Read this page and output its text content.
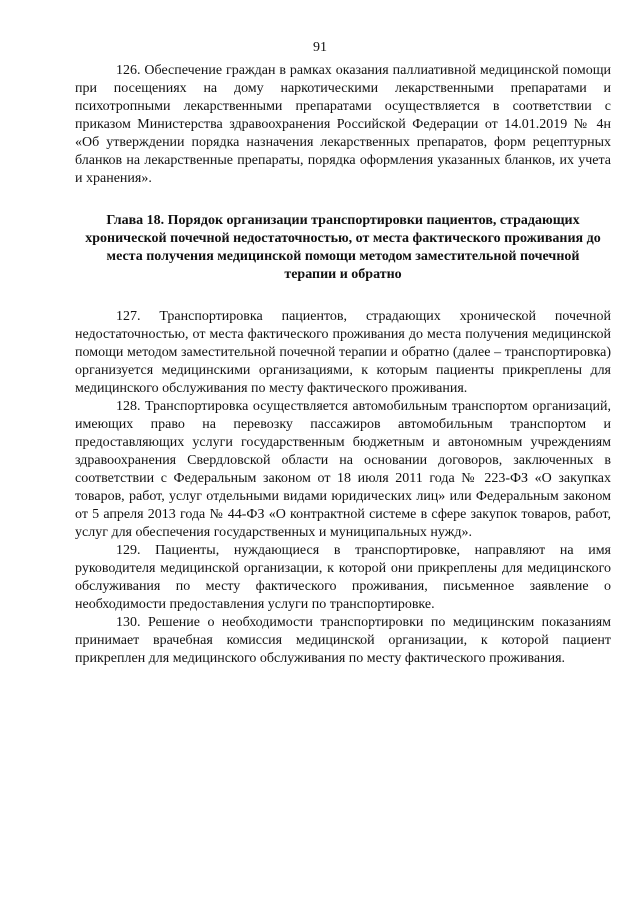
91

126. Обеспечение граждан в рамках оказания паллиативной медицинской помощи при посещениях на дому наркотическими лекарственными препаратами и психотропными лекарственными препаратами осуществляется в соответствии с приказом Министерства здравоохранения Российской Федерации от 14.01.2019 № 4н «Об утверждении порядка назначения лекарственных препаратов, форм рецептурных бланков на лекарственные препараты, порядка оформления указанных бланков, их учета и хранения».

Глава 18. Порядок организации транспортировки пациентов, страдающих хронической почечной недостаточностью, от места фактического проживания до места получения медицинской помощи методом заместительной почечной терапии и обратно

127. Транспортировка пациентов, страдающих хронической почечной недостаточностью, от места фактического проживания до места получения медицинской помощи методом заместительной почечной терапии и обратно (далее – транспортировка) организуется медицинскими организациями, к которым пациенты прикреплены для медицинского обслуживания по месту фактического проживания.

128. Транспортировка осуществляется автомобильным транспортом организаций, имеющих право на перевозку пассажиров автомобильным транспортом и предоставляющих услуги государственным бюджетным и автономным учреждениям здравоохранения Свердловской области на основании договоров, заключенных в соответствии с Федеральным законом от 18 июля 2011 года № 223-ФЗ «О закупках товаров, работ, услуг отдельными видами юридических лиц» или Федеральным законом от 5 апреля 2013 года № 44-ФЗ «О контрактной системе в сфере закупок товаров, работ, услуг для обеспечения государственных и муниципальных нужд».

129. Пациенты, нуждающиеся в транспортировке, направляют на имя руководителя медицинской организации, к которой они прикреплены для медицинского обслуживания по месту фактического проживания, письменное заявление о необходимости предоставления услуги по транспортировке.

130. Решение о необходимости транспортировки по медицинским показаниям принимает врачебная комиссия медицинской организации, к которой пациент прикреплен для медицинского обслуживания по месту фактического проживания.
